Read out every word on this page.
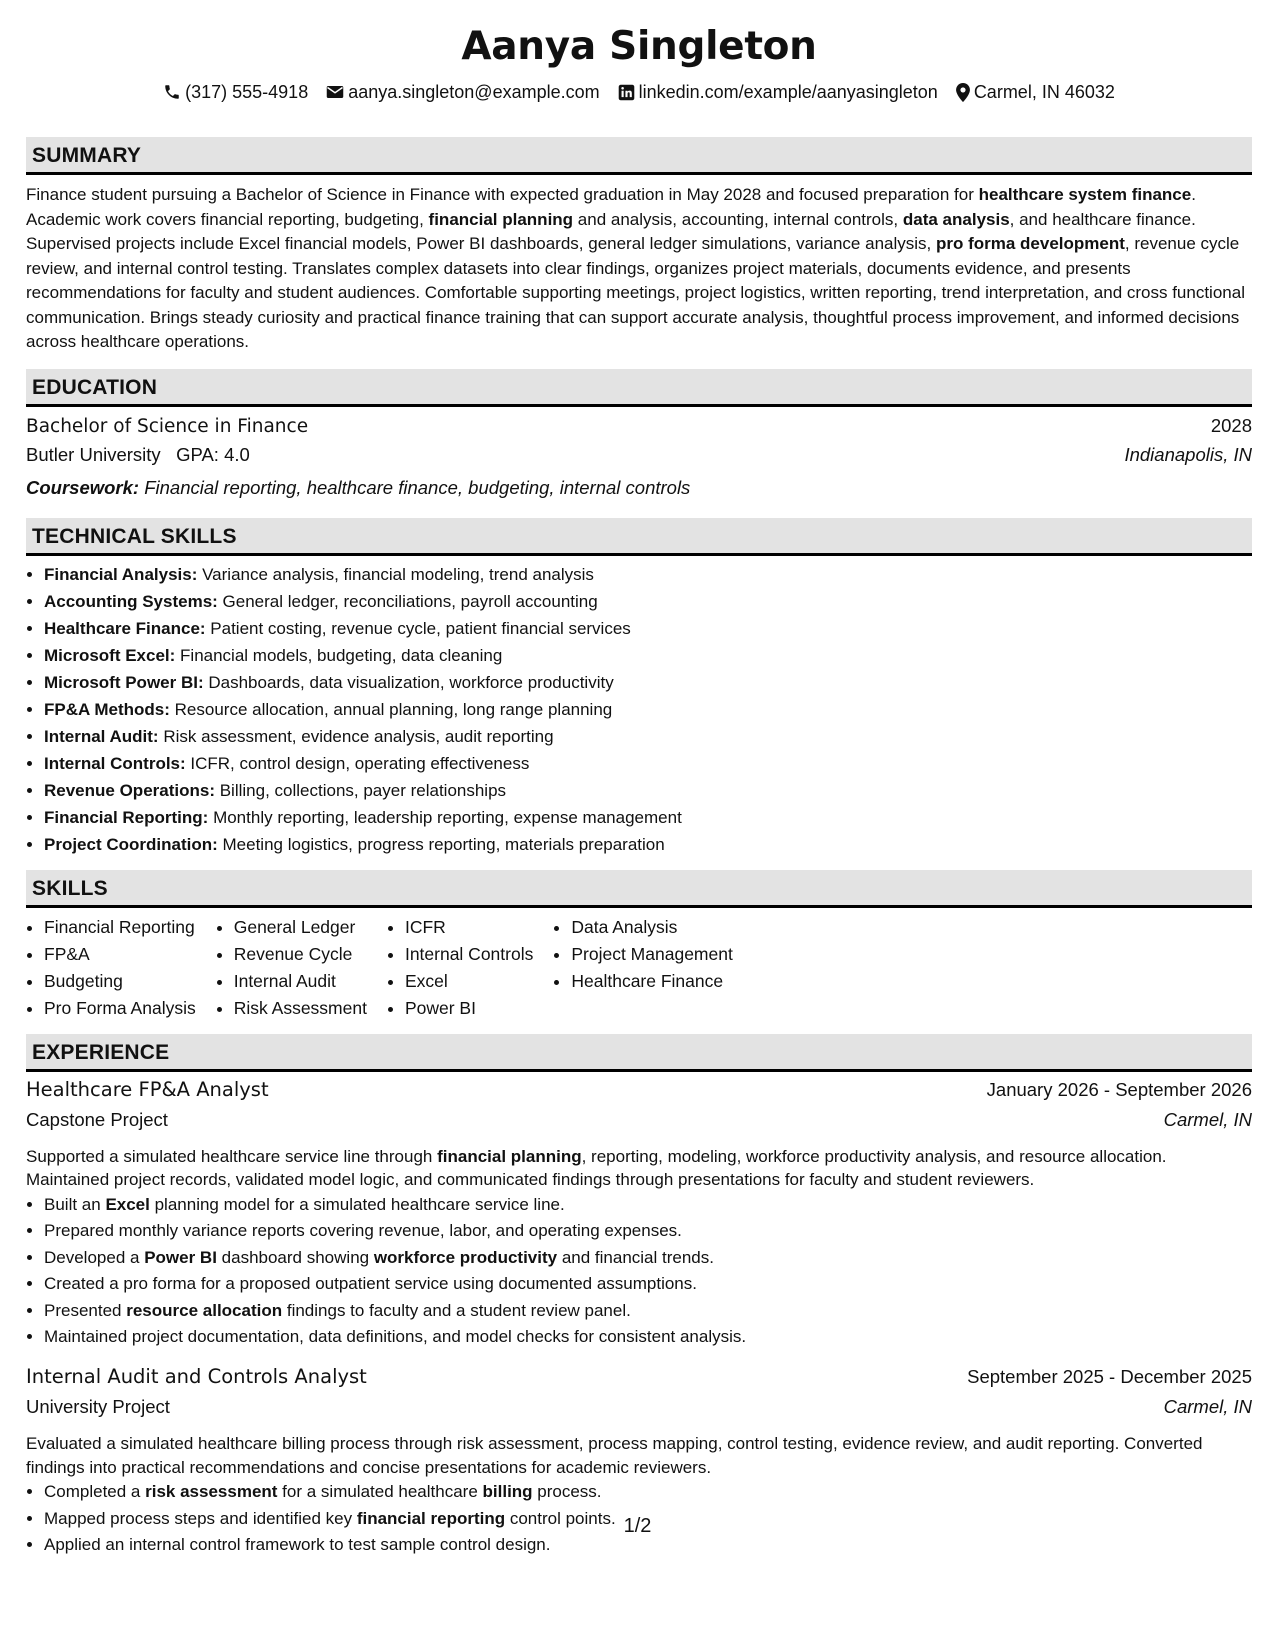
Aanya Singleton
(317) 555-4918 aanya.singleton@example.com linkedin.com/example/aanyasingleton Carmel, IN 46032
SUMMARY

Finance student pursuing a Bachelor of Science in Finance with expected graduation in May 2028 and focused preparation for healthcare system finance. Academic work covers financial reporting, budgeting, financial planning and analysis, accounting, internal controls, data analysis, and healthcare finance. Supervised projects include Excel financial models, Power BI dashboards, general ledger simulations, variance analysis, pro forma development, revenue cycle review, and internal control testing. Translates complex datasets into clear findings, organizes project materials, documents evidence, and presents recommendations for faculty and student audiences. Comfortable supporting meetings, project logistics, written reporting, trend interpretation, and cross functional communication. Brings steady curiosity and practical finance training that can support accurate analysis, thoughtful process improvement, and informed decisions across healthcare operations.

EDUCATION
Bachelor of Science in Finance	2028
Butler University GPA: 4.0	Indianapolis, IN
Coursework: Financial reporting, healthcare finance, budgeting, internal controls
TECHNICAL SKILLS
• Financial Analysis: Variance analysis, financial modeling, trend analysis
• Accounting Systems: General ledger, reconciliations, payroll accounting
• Healthcare Finance: Patient costing, revenue cycle, patient financial services
• Microsoft Excel: Financial models, budgeting, data cleaning
• Microsoft Power BI: Dashboards, data visualization, workforce productivity
• FP&A Methods: Resource allocation, annual planning, long range planning
• Internal Audit: Risk assessment, evidence analysis, audit reporting
• Internal Controls: ICFR, control design, operating effectiveness
• Revenue Operations: Billing, collections, payer relationships
• Financial Reporting: Monthly reporting, leadership reporting, expense management
• Project Coordination: Meeting logistics, progress reporting, materials preparation
SKILLS
• Financial Reporting
• FP&A
• Budgeting
• Pro Forma Analysis
• General Ledger
• Revenue Cycle
• Internal Audit
• Risk Assessment
• ICFR
• Internal Controls
• Excel
• Power BI
• Data Analysis
• Project Management
• Healthcare Finance
EXPERIENCE
Healthcare FP&A Analyst	January 2026 - September 2026
Capstone Project	Carmel, IN

Supported a simulated healthcare service line through financial planning, reporting, modeling, workforce productivity analysis, and resource allocation. Maintained project records, validated model logic, and communicated findings through presentations for faculty and student reviewers.

• Built an Excel planning model for a simulated healthcare service line.
• Prepared monthly variance reports covering revenue, labor, and operating expenses.
• Developed a Power BI dashboard showing workforce productivity and financial trends.
• Created a pro forma for a proposed outpatient service using documented assumptions.
• Presented resource allocation findings to faculty and a student review panel.
• Maintained project documentation, data definitions, and model checks for consistent analysis.
Internal Audit and Controls Analyst	September 2025 - December 2025
University Project	Carmel, IN

Evaluated a simulated healthcare billing process through risk assessment, process mapping, control testing, evidence review, and audit reporting. Converted findings into practical recommendations and concise presentations for academic reviewers.

• Completed a risk assessment for a simulated healthcare billing process.
• Mapped process steps and identified key financial reporting control points.
• Applied an internal control framework to test sample control design.
1/2
